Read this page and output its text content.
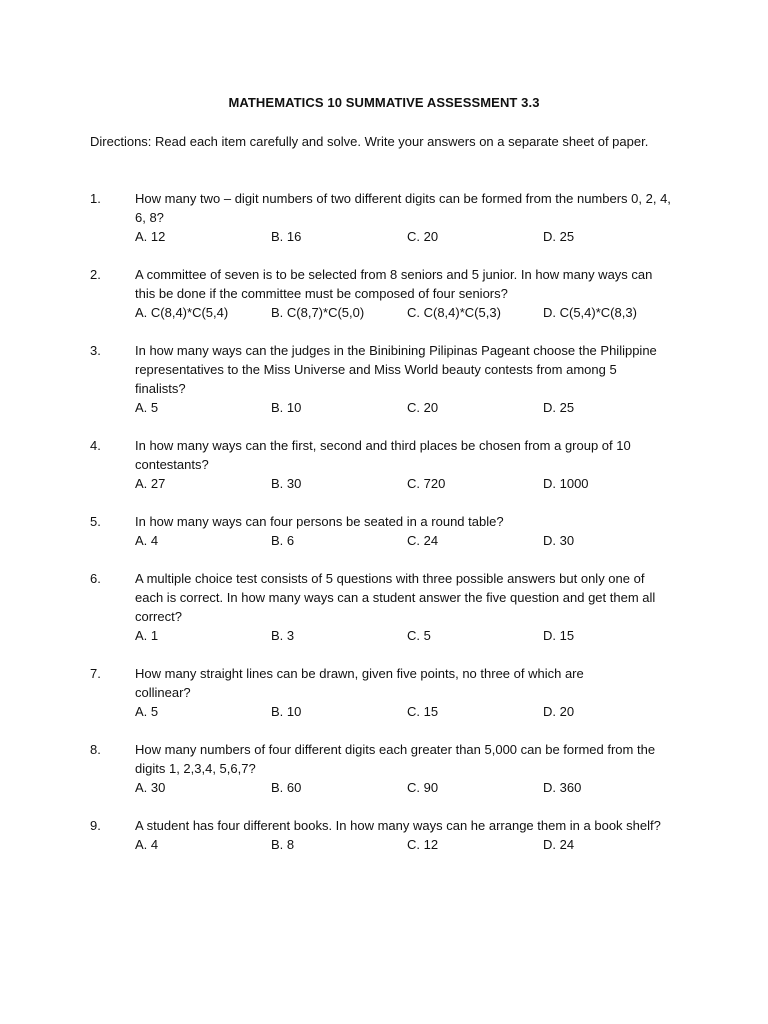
MATHEMATICS 10 SUMMATIVE ASSESSMENT 3.3
Directions: Read each item carefully and solve. Write your answers on a separate sheet of paper.
1.	How many two – digit numbers of two different digits can be formed from the numbers 0, 2, 4, 6, 8?
A. 12	B. 16	C. 20	D. 25
2.	A committee of seven is to be selected from 8 seniors and 5 junior. In how many ways can this be done if the committee must be composed of four seniors?
A. C(8,4)*C(5,4)	B. C(8,7)*C(5,0)	C. C(8,4)*C(5,3)	D. C(5,4)*C(8,3)
3.	In how many ways can the judges in the Binibining Pilipinas Pageant choose the Philippine representatives to the Miss Universe and Miss World beauty contests from among 5 finalists?
A. 5	B. 10	C. 20	D. 25
4.	In how many ways can the first, second and third places be chosen from a group of 10 contestants?
A. 27	B. 30	C. 720	D. 1000
5.	In how many ways can four persons be seated in a round table?
A. 4	B. 6	C. 24	D. 30
6.	A multiple choice test consists of 5 questions with three possible answers but only one of each is correct. In how many ways can a student answer the five question and get them all correct?
A. 1	B. 3	C. 5	D. 15
7.	How many straight lines can be drawn, given five points, no three of which are collinear?
A. 5	B. 10	C. 15	D. 20
8.	How many numbers of four different digits each greater than 5,000 can be formed from the digits 1, 2,3,4, 5,6,7?
A. 30	B. 60	C. 90	D. 360
9.	A student has four different books. In how many ways can he arrange them in a book shelf?
A. 4	B. 8	C. 12	D. 24
